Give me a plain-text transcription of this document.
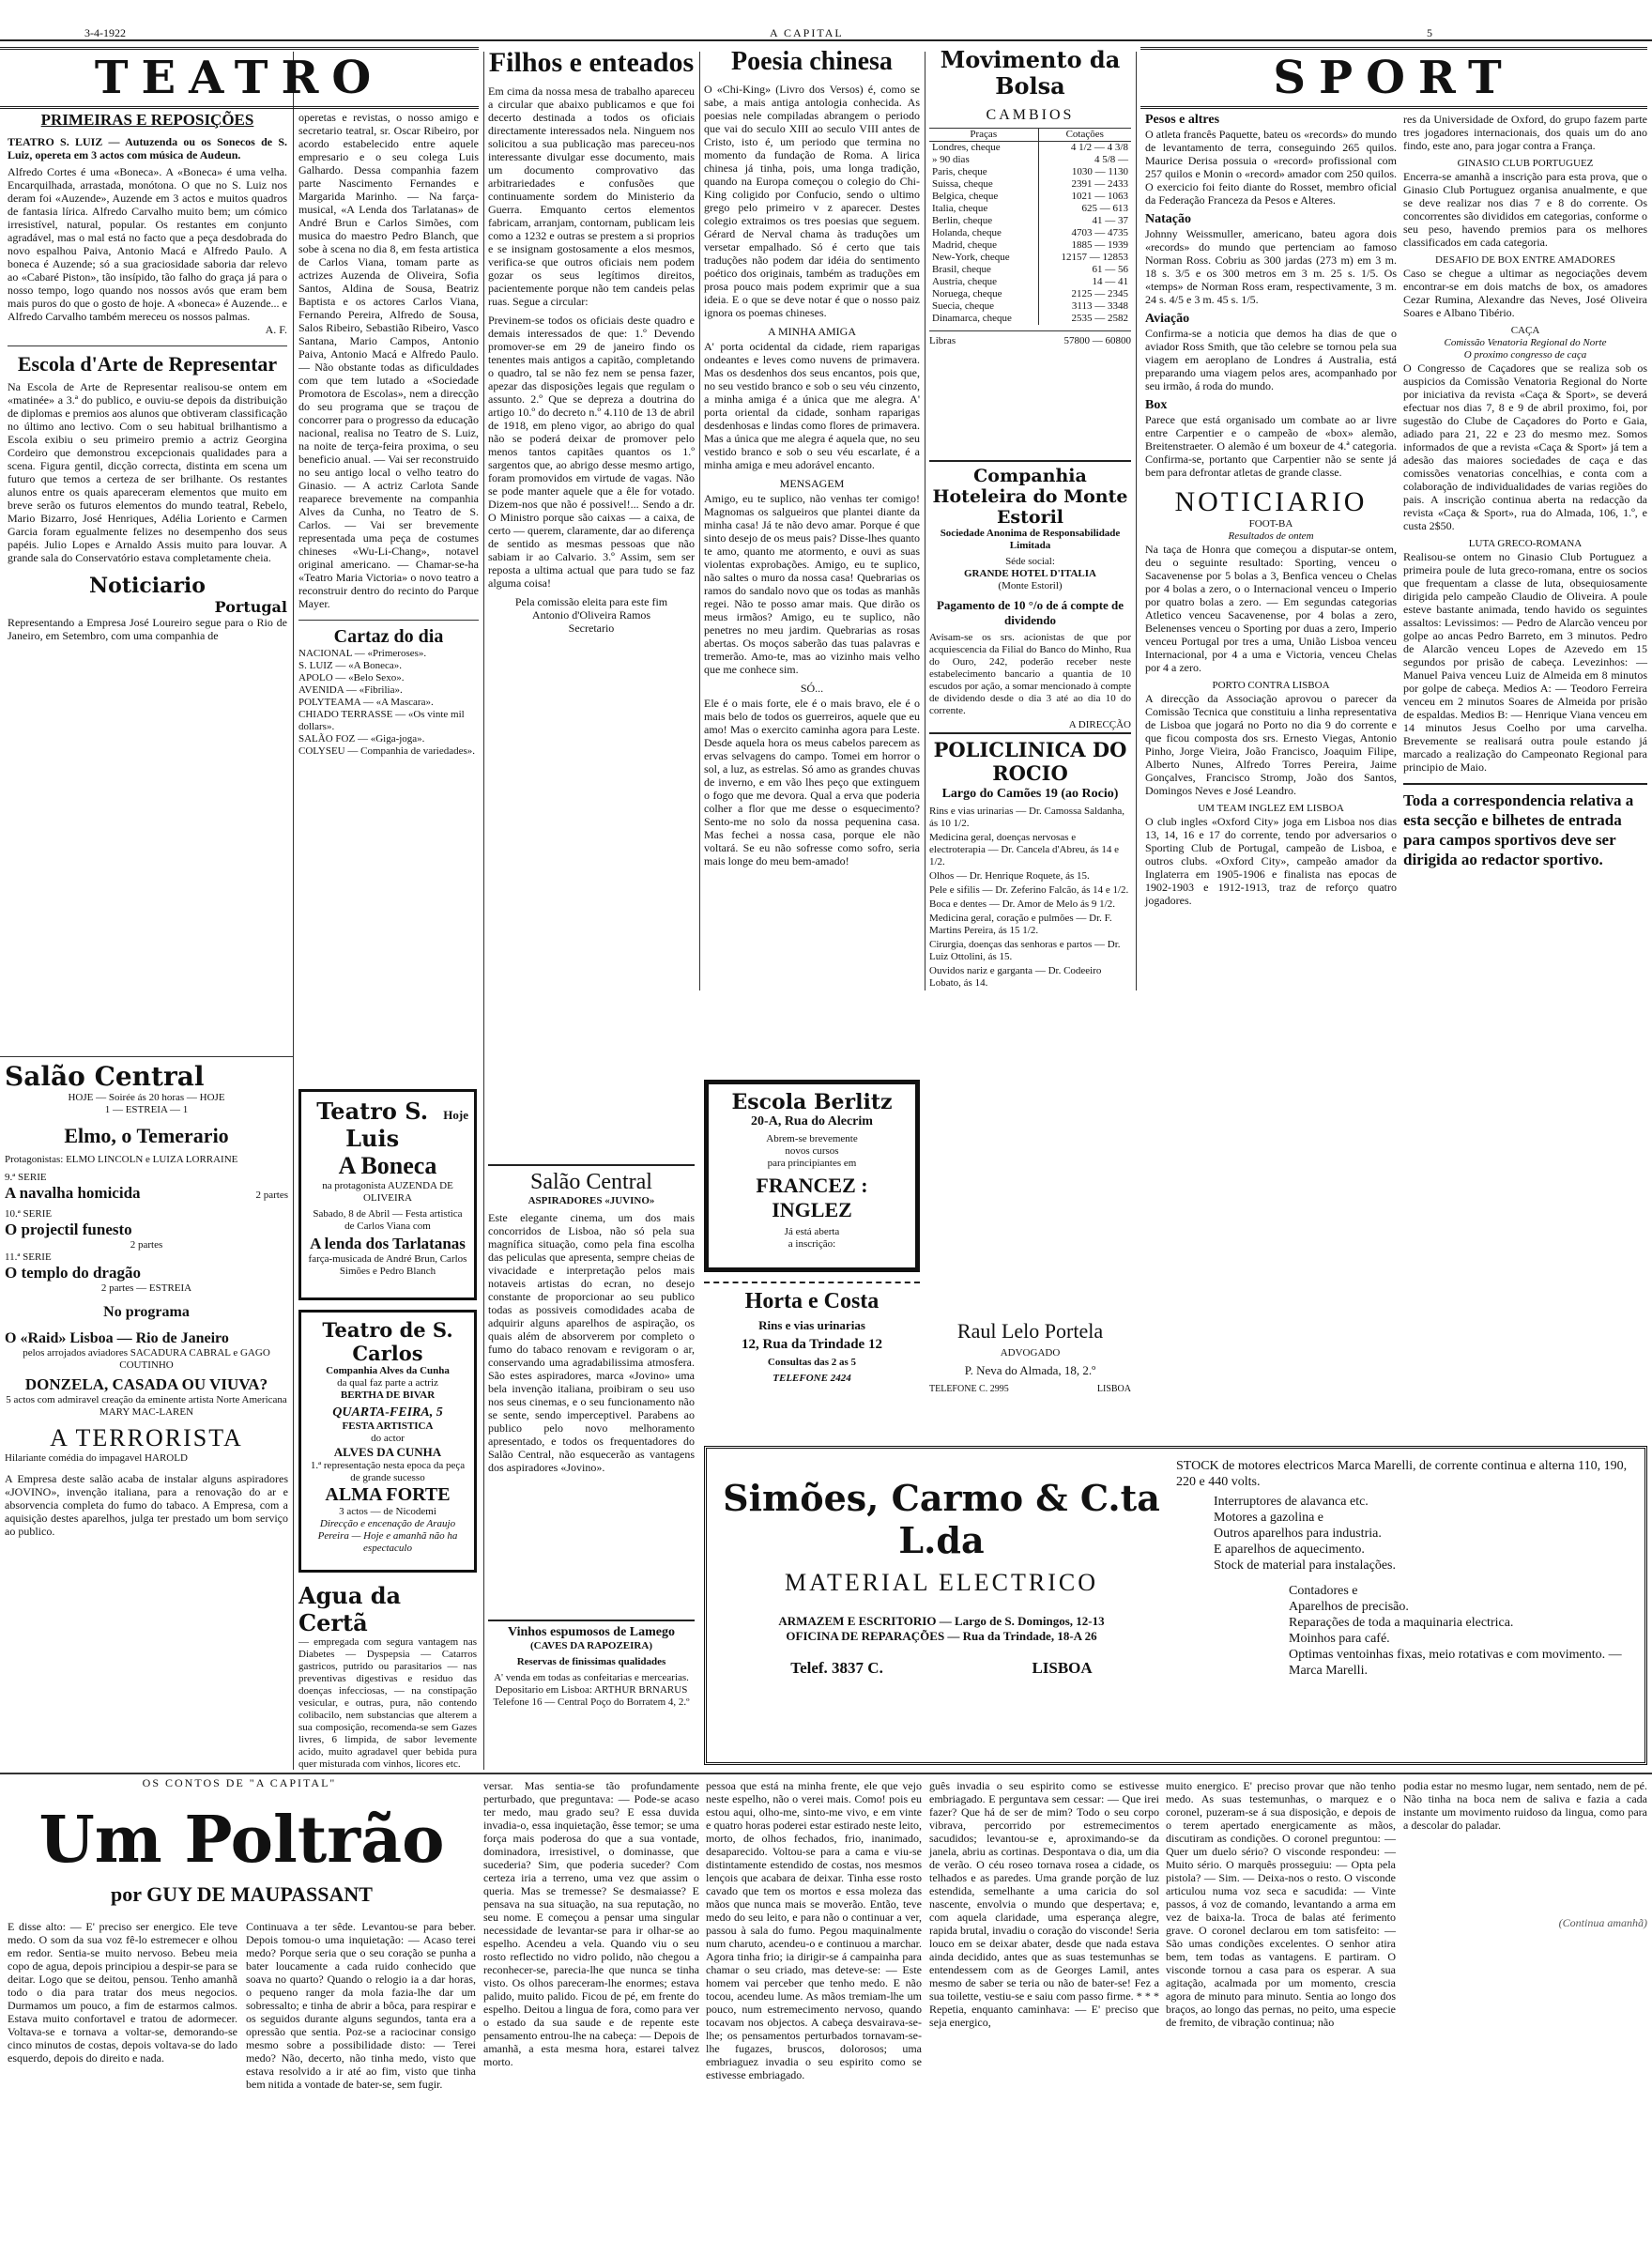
3-4-1922	A CAPITAL	5
TEATRO
PRIMEIRAS E REPOSIÇÕES
TEATRO S. LUIZ — Autuzenda ou os Sonecos de S. Luiz, opereta em 3 actos com música de Audeun.
Alfredo Cortes é uma «Boneca». A «Boneca» é uma velha. Encarquilhada, arrastada, monótona. O que no S. Luiz nos deram foi «Auzende», Auzende em 3 actos e muitos quadros de fantasia lírica. Alfredo Carvalho muito bem; um cómico irresistível, natural, popular. Os restantes em conjunto agradável, mas o mal está no facto que a peça desdobrada do novo espalhou Paiva, Antonio Macá e Alfredo Paulo. A boneca é Auzende; só a sua graciosidade saboria dar relevo ao «Cabaré Piston», tão insípido, tão falho do graça já para o nosso tempo, logo quando nos nossos avós que eram bem mais puros do que o gosto de hoje. A «boneca» é Auzende... e Alfredo Carvalho também mereceu os nossos palmas.
A. F.
Escola d'Arte de Representar
Na Escola de Arte de Representar realisou-se ontem em «matinée» a 3.ª do publico, e ouviu-se depois da distribuição de diplomas e premios aos alunos que obtiveram classificação no último ano lectivo. Com o seu habitual brilhantismo a Escola exibiu o seu primeiro premio a actriz Georgina Cordeiro que demonstrou excepcionais qualidades para a scena. Figura gentil, dicção correcta, distinta em scena um futuro que temos a certeza de ser brilhante. Os restantes alunos entre os quais apareceram elementos que muito em breve serão os futuros elementos do mundo teatral, Rebelo, Mario Bizarro, José Henriques, Adélia Loriento e Carmen Garcia foram egualmente felizes no desempenho dos seus papéis. Julio Lopes e Arnaldo Assis muito para louvar. A grande sala do Conservatório estava completamente cheia.
Noticiario
Portugal
Representando a Empresa José Loureiro segue para o Rio de Janeiro, em Setembro, com uma companhia de
operetas e revistas, o nosso amigo e secretario teatral, sr. Oscar Ribeiro, por acordo estabelecido entre aquele empresario e o seu colega Luis Galhardo. Dessa companhia fazem parte Nascimento Fernandes e Margarida Marinho. — Na farça-musical, «A Lenda dos Tarlatanas» de André Brun e Carlos Simões, com musica do maestro Pedro Blanch, que sobe à scena no dia 8, em festa artistica de Carlos Viana, tomam parte as actrizes Auzenda de Oliveira, Sofia Santos, Aldina de Sousa, Beatriz Baptista e os actores Carlos Viana, Fernando Pereira, Alfredo de Sousa, Salos Ribeiro, Sebastião Ribeiro, Vasco Santana, Mario Campos, Antonio Paiva, Antonio Macá e Alfredo Paulo. — Não obstante todas as dificuldades com que tem lutado a «Sociedade Promotora de Escolas», nem a direcção do seu programa que se traçou de concorrer para o progresso da educação nacional, realisa no Teatro de S. Luiz, na noite de terça-feira proxima, o seu beneficio anual. — Vai ser reconstruido no seu antigo local o velho teatro do Ginasio. — A actriz Carlota Sande reaparece brevemente na companhia Alves da Cunha, no Teatro de S. Carlos. — Vai ser brevemente representada uma peça de costumes chineses «Wu-Li-Chang», notavel original americano. — Chamar-se-ha «Teatro Maria Victoria» o novo teatro a reconstruir dentro do recinto do Parque Mayer.
Cartaz do dia
NACIONAL — «Primeroses».
S. LUIZ — «A Boneca».
APOLO — «Belo Sexo».
AVENIDA — «Fibrilia».
POLYTEAMA — «A Mascara».
CHIADO TERRASSE — «Os vinte mil dollars».
SALÃO FOZ — «Giga-joga».
COLYSEU — Companhia de variedades».
Filhos e enteados
Em cima da nossa mesa de trabalho apareceu a circular que abaixo publicamos e que foi decerto destinada a todos os oficiais directamente interessados nela. Ninguem nos solicitou a sua publicação mas pareceu-nos interessante divulgar esse documento, mais um documento comprovativo das arbitrariedades e confusões que continuamente sordem do Ministerio da Guerra. Emquanto certos elementos fabricam, arranjam, contornam, publicam leis como a 1232 e outras se prestem a si proprios e se insignam gostosamente a elos mesmos, verifica-se que outros oficiais nem podem gozar os seus legítimos direitos, pacientemente porque não tem candeis pelas ruas. Segue a circular:
Previnem-se todos os oficiais deste quadro e demais interessados de que: 1.º Devendo promover-se em 29 de janeiro findo os tenentes mais antigos a capitão, completando o quadro, tal se não fez nem se pensa fazer, apezar das disposições legais que regulam o assunto. 2.º Que se depreza a doutrina do artigo 10.º do decreto n.º 4.110 de 13 de abril de 1918, em pleno vigor, ao abrigo do qual não se poderá deixar de promover pelo menos tantos capitães quantos os 1.º sargentos que, ao abrigo desse mesmo artigo, foram promovidos em virtude de vagas. Não se pode manter aquele que a êle for votado. Dizem-nos que não é possivel!... Sendo a dr. O Ministro porque são caixas — a caixa, de certo — querem, claramente, dar ao diferença de sentido as mesmas pessoas que não sabiam ir ao Calvario. 3.º Assim, sem ser reposta a ultima actual que para tudo se faz alguma coisa!
Pela comissão eleita para este fim
Antonio d'Oliveira Ramos
Secretario
Poesia chinesa
O «Chi-King» (Livro dos Versos) é, como se sabe, a mais antiga antologia conhecida. As poesias nele compiladas abrangem o periodo que vai do seculo XIII ao seculo VIII antes de Cristo, isto é, um periodo que termina no momento da fundação de Roma. A lirica chinesa já tinha, pois, uma longa tradição, quando na Europa começou o colegio do Chi-King coligido por Confucio, sendo o ultimo grego pelo primeiro v z aparecer. Destes colegio extraimos os tres poesias que seguem. Gérard de Nerval chama às traduções um versetar empalhado. Só é certo que tais traduções não podem dar idéia do sentimento poético dos originais, também as traduções em prosa pouco mais podem exprimir que a sua ideia. E o que se deve notar é que o nosso paiz ignora os poemas chineses.
A MINHA AMIGA
A' porta ocidental da cidade, riem raparigas ondeantes e leves como nuvens de primavera. Mas os desdenhos dos seus encantos, pois que, no seu vestido branco e sob o seu véu cinzento, a minha amiga é a única que me alegra. A' porta oriental da cidade, sonham raparigas desdenhosas e lindas como flores de primavera. Mas a única que me alegra é aquela que, no seu vestido branco e sob o seu véu escarlate, é a minha amiga e meu adorável encanto.
MENSAGEM
Amigo, eu te suplico, não venhas ter comigo! Magnomas os salgueiros que plantei diante da minha casa! Já te não devo amar. Porque é que sinto desejo de os meus pais? Disse-lhes quanto te amo, quanto me atormento, e ouvi as suas violentas exprobações. Amigo, eu te suplico, não saltes o muro da nossa casa! Quebrarias os ramos do sandalo novo que os todas as manhãs regei. Não te posso amar mais. Que dirão os meus irmãos? Amigo, eu te suplico, não penetres no meu jardim. Quebrarias as rosas abertas. Os moços saberão das tuas palavras e tremerão. Amo-te, mas ao vizinho mais velho que me conhece sim.
SÓ...
Ele é o mais forte, ele é o mais bravo, ele é o mais belo de todos os guerreiros, aquele que eu amo! Mas o exercito caminha agora para Leste. Desde aquela hora os meus cabelos parecem as ervas selvagens do campo. Tomei em horror o sol, a luz, as estrelas. Só amo as grandes chuvas de inverno, e em vão lhes peço que extinguem o fogo que me devora. Qual a erva que poderia colher a flor que me desse o esquecimento? Sento-me no solo da nossa pequenina casa. Mas fechei a nossa casa, porque ele não voltará. Se eu não sofresse como sofro, seria mais longe do meu bem-amado!
Movimento da Bolsa
CAMBIOS
Praças	Cotações
Londres, cheque	4 1/2 — 4 3/8
» 90 dias	4 5/8 —
Paris, cheque	1030 — 1130
Suissa, cheque	2391 — 2433
Belgica, cheque	1021 — 1063
Italia, cheque	625 — 613
Berlin, cheque	41 — 37
Holanda, cheque	4703 — 4735
Madrid, cheque	1885 — 1939
New-York, cheque	12157 — 12853
Brasil, cheque	61 — 56
Austria, cheque	14 — 41
Noruega, cheque	2125 — 2345
Suecia, cheque	3113 — 3348
Dinamarca, cheque	2535 — 2582
Libras	57800 — 60800
Companhia Hoteleira do Monte Estoril
Sociedade Anonima de Responsabilidade Limitada
Séde social:
GRANDE HOTEL D'ITALIA
(Monte Estoril)
Pagamento de 10 °/o de á compte de dividendo
Avisam-se os srs. acionistas de que por acquiescencia da Filial do Banco do Minho, Rua do Ouro, 242, poderão receber neste estabelecimento bancario a quantia de 10 escudos por ação, a somar mencionado à compte de dividendo desde o dia 3 até ao dia 10 do corrente.
A DIRECÇÃO
POLICLINICA DO ROCIO
Largo do Camões 19 (ao Rocio)
Rins e vias urinarias — Dr. Camossa Saldanha, ás 10 1/2.
Medicina geral, doenças nervosas e electroterapia — Dr. Cancela d'Abreu, ás 14 e 1/2.
Olhos — Dr. Henrique Roquete, ás 15.
Pele e sifilis — Dr. Zeferino Falcão, ás 14 e 1/2.
Boca e dentes — Dr. Amor de Melo ás 9 1/2.
Medicina geral, coração e pulmões — Dr. F. Martins Pereira, ás 15 1/2.
Cirurgia, doenças das senhoras e partos — Dr. Luiz Ottolini, ás 15.
Ouvidos nariz e garganta — Dr. Codeeiro Lobato, ás 14.
SPORT
Pesos e altres
O atleta francês Paquette, bateu os «records» do mundo de levantamento de terra, conseguindo 265 quilos. Maurice Derisa possuia o «record» profissional com 257 quilos e Monin o «record» amador com 250 quilos. O exercicio foi feito diante do Rosset, membro oficial da Federação Franceza da Pesos e Alteres.
Natação
Johnny Weissmuller, americano, bateu agora dois «records» do mundo que pertenciam ao famoso Norman Ross. Cobriu as 300 jardas (273 m) em 3 m. 18 s. 3/5 e os 300 metros em 3 m. 25 s. 1/5. Os «temps» de Norman Ross eram, respectivamente, 3 m. 24 s. 4/5 e 3 m. 45 s. 1/5.
Aviação
Confirma-se a noticia que demos ha dias de que o aviador Ross Smith, que tão celebre se tornou pela sua viagem em aeroplano de Londres á Australia, está preparando uma viagem pelos ares, acompanhado por seu irmão, á roda do mundo.
Box
Parece que está organisado um combate ao ar livre entre Carpentier e o campeão de «box» alemão, Breitenstraeter. O alemão é um boxeur de 4.ª categoria. Confirma-se, portanto que Carpentier não se sente já bem para defrontar atletas de grande classe.
NOTICIARIO
FOOT-BA
Resultados de ontem
Na taça de Honra que começou a disputar-se ontem, deu o seguinte resultado: Sporting, venceu o Sacavenense por 5 bolas a 3, Benfica venceu o Chelas por 4 bolas a zero, o o Internacional venceu o Imperio por quatro bolas a zero. — Em segundas categorias Atletico venceu Sacavenense, por 4 bolas a zero, Belenenses venceu o Sporting por duas a zero, Imperio venceu Portugal por tres a uma, União Lisboa venceu Internacional, por 4 a uma e Victoria, venceu Chelas por 4 a zero.
PORTO CONTRA LISBOA
A direcção da Associação aprovou o parecer da Comissão Tecnica que constituiu a linha representativa de Lisboa que jogará no Porto no dia 9 do corrente e que ficou composta dos srs. Ernesto Viegas, Antonio Pinho, Jorge Vieira, João Francisco, Joaquim Filipe, Alberto Nunes, Alfredo Torres Pereira, Jaime Gonçalves, Francisco Stromp, João dos Santos, Domingos Neves e José Leandro.
UM TEAM INGLEZ EM LISBOA
O club ingles «Oxford City» joga em Lisboa nos dias 13, 14, 16 e 17 do corrente, tendo por adversarios o Sporting Club de Portugal, campeão de Lisboa, e outros clubs. «Oxford City», campeão amador da Inglaterra em 1905-1906 e finalista nas epocas de 1902-1903 e 1912-1913, traz de reforço quatro jogadores.
res da Universidade de Oxford, do grupo fazem parte tres jogadores internacionais, dos quais um do ano findo, este ano, para jogar contra a França.
GINASIO CLUB PORTUGUEZ
Encerra-se amanhã a inscrição para esta prova, que o Ginasio Club Portuguez organisa anualmente, e que se deve realizar nos dias 7 e 8 do corrente. Os concorrentes são divididos em categorias, conforme o seu peso, havendo premios para os melhores classificados em cada categoria.
DESAFIO DE BOX ENTRE AMADORES
Caso se chegue a ultimar as negociações devem encontrar-se em dois matchs de box, os amadores Cezar Rumina, Alexandre das Neves, José Oliveira Soares e Albano Tibério.
CAÇA
Comissão Venatoria Regional do Norte
O proximo congresso de caça
O Congresso de Caçadores que se realiza sob os auspicios da Comissão Venatoria Regional do Norte por iniciativa da revista «Caça & Sport», se deverá efectuar nos dias 7, 8 e 9 de abril proximo, foi, por sugestão do Clube de Caçadores do Porto e Gaia, adiado para 21, 22 e 23 do mesmo mez. Somos informados de que a revista «Caça & Sport» já tem a adesão das maiores sociedades de caça e das comissões venatorias concelhias, e conta com a colaboração de individualidades de varias regiões do pais. A inscrição continua aberta na redacção da revista «Caça & Sport», rua do Almada, 106, 1.º, e custa 2$50.
LUTA GRECO-ROMANA
Realisou-se ontem no Ginasio Club Portuguez a primeira poule de luta greco-romana, entre os socios que frequentam a classe de luta, obsequiosamente dirigida pelo campeão Claudio de Oliveira. A poule esteve bastante animada, tendo havido os seguintes assaltos: Levissimos: — Pedro de Alarcão venceu por golpe ao ancas Pedro Barreto, em 3 minutos. Pedro de Alarcão venceu Lopes de Azevedo em 15 segundos por prisão de cabeça. Levezinhos: — Manuel Paiva venceu Luiz de Almeida em 8 minutos por golpe de cabeça. Medios A: — Teodoro Ferreira venceu em 2 minutos Soares de Almeida por prisão de espaldas. Medios B: — Henrique Viana venceu em 14 minutos Jesus Coelho por uma carvelha. Brevemente se realisará outra poule estando já marcado a realização do Campeonato Regional para principio de Maio.
Toda a correspondencia relativa a esta secção e bilhetes de entrada para campos sportivos deve ser dirigida ao redactor sportivo.
Salão Central
HOJE — Soirée ás 20 horas — HOJE
1 — ESTREIA — 1
Elmo, o Temerario
Protagonistas: ELMO LINCOLN e LUIZA LORRAINE
9.ª SERIE
A navalha homicida	2 partes
10.ª SERIE
O projectil funesto
2 partes
11.ª SERIE
O templo do dragão
2 partes — ESTREIA
No programa
O «Raid» Lisboa — Rio de Janeiro
pelos arrojados aviadores SACADURA CABRAL e GAGO COUTINHO
DONZELA, CASADA OU VIUVA?
5 actos com admiravel creação da eminente artista Norte Americana MARY MAC-LAREN
A TERRORISTA
Hilariante comédia do impagavel HAROLD
A Empresa deste salão acaba de instalar alguns aspiradores «JOVINO», invenção italiana, para a renovação do ar e absorvencia completa do fumo do tabaco. A Empresa, com a aquisição destes aparelhos, julga ter prestado um bom serviço ao publico.
Teatro S. Luis
Hoje
A Boneca
na protagonista AUZENDA DE OLIVEIRA
Sabado, 8 de Abril — Festa artistica de Carlos Viana com
A lenda dos Tarlatanas
farça-musicada de André Brun, Carlos Simões e Pedro Blanch
Teatro de S. Carlos
Companhia Alves da Cunha
da qual faz parte a actriz
BERTHA DE BIVAR
QUARTA-FEIRA, 5
FESTA ARTISTICA
do actor
ALVES DA CUNHA
1.ª representação nesta epoca da peça de grande sucesso
ALMA FORTE
3 actos — de Nicodemi
Direcção e encenação de Araujo Pereira — Hoje e amanhã não ha espectaculo
Agua da Certã
— empregada com segura vantagem nas Diabetes — Dyspepsia — Catarros gastricos, putrido ou parasitarios — nas preventivas digestivas e residuo das doenças infecciosas, — na constipação vesicular, e outras, pura, não contendo colibacilo, nem substancias que alterem a sua composição, recomenda-se sem Gazes livres, 6 limpida, de sabor levemente acido, muito agradavel quer bebida pura quer misturada com vinhos, licores etc.
Salão Central
ASPIRADORES «JUVINO»
Este elegante cinema, um dos mais concorridos de Lisboa, não só pela sua magnífica situação, como pela fina escolha das peliculas que apresenta, sempre cheias de vivacidade e interpretação pelos mais notaveis artistas do ecran, no desejo constante de proporcionar ao seu publico todas as possiveis comodidades acaba de adquirir alguns aparelhos de aspiração, os quais além de absorverem por completo o fumo do tabaco renovam e revigoram o ar, conservando uma agradabilissima atmosfera. São estes aspiradores, marca «Jovino» uma bela invenção italiana, proibiram o seu uso nos seus cinemas, e o seu funcionamento não se sente, sendo imperceptivel. Parabens ao publico pelo novo melhoramento apresentado, e todos os frequentadores do Salão Central, não esquecerão as vantagens dos aspiradores «Jovino».
Vinhos espumosos de Lamego
(CAVES DA RAPOZEIRA)
Reservas de finissimas qualidades
A' venda em todas as confeitarias e mercearias. Depositario em Lisboa: ARTHUR BRNARUS Telefone 16 — Central Poço do Borratem 4, 2.º
Escola Berlitz
20-A, Rua do Alecrim
Abrem-se brevemente
novos cursos
para principiantes em
FRANCEZ : INGLEZ
Já está aberta
a inscrição:
Horta e Costa
Rins e vias urinarias
12, Rua da Trindade 12
Consultas das 2 as 5
TELEFONE 2424
Raul Lelo Portela
ADVOGADO
P. Neva do Almada, 18, 2.º
TELEFONE C. 2995	LISBOA
Simões, Carmo & C.ta L.da
MATERIAL ELECTRICO
ARMAZEM E ESCRITORIO — Largo de S. Domingos, 12-13
OFICINA DE REPARAÇÕES — Rua da Trindade, 18-A 26
Telef. 3837 C.	LISBOA
STOCK de motores electricos Marca Marelli, de corrente continua e alterna 110, 190, 220 e 440 volts.
Interruptores de alavanca etc.
Motores a gazolina e
Outros aparelhos para industria.
E aparelhos de aquecimento.
Stock de material para instalações.
Contadores e
Aparelhos de precisão.
Reparações de toda a maquinaria electrica.
Moinhos para café.
Optimas ventoinhas fixas, meio rotativas e com movimento. — Marca Marelli.
OS CONTOS DE "A CAPITAL"
Um Poltrão
por GUY DE MAUPASSANT
E disse alto: — E' preciso ser energico. Ele teve medo. O som da sua voz fê-lo estremecer e olhou em redor. Sentia-se muito nervoso. Bebeu meia copo de agua, depois principiou a despir-se para se deitar. Logo que se deitou, pensou. Tenho amanhã todo o dia para tratar dos meus negocios. Durmamos um pouco, a fim de estarmos calmos. Estava muito confortavel e tratou de adormecer. Voltava-se e tornava a voltar-se, demorando-se cinco minutos de costas, depois voltava-se do lado esquerdo, depois do direito e nada.
Continuava a ter sêde. Levantou-se para beber. Depois tomou-o uma inquietação: — Acaso terei medo? Porque seria que o seu coração se punha a bater loucamente a cada ruido conhecido que soava no quarto? Quando o relogio ia a dar horas, o pequeno ranger da mola fazia-lhe dar um sobressalto; e tinha de abrir a bôca, para respirar e os seguidos durante alguns segundos, tanta era a opressão que sentia. Poz-se a raciocinar consigo mesmo sobre a possibilidade disto: — Terei medo? Não, decerto, não tinha medo, visto que estava resolvido a ir até ao fim, visto que tinha bem nitida a vontade de bater-se, sem fugir.
versar. Mas sentia-se tão profundamente perturbado, que preguntava: — Pode-se acaso ter medo, mau grado seu? E essa duvida invadia-o, essa inquietação, êsse temor; se uma força mais poderosa do que a sua vontade, dominadora, irresistivel, o dominasse, que sucederia? Sim, que poderia suceder? Com certeza iria a terreno, uma vez que assim o queria. Mas se tremesse? Se desmaiasse? E pensava na sua situação, na sua reputação, no seu nome. E começou a pensar uma singular necessidade de levantar-se para ir olhar-se ao espelho. Acendeu a vela. Quando viu o seu rosto reflectido no vidro polido, não chegou a reconhecer-se, parecia-lhe que nunca se tinha visto. Os olhos pareceram-lhe enormes; estava palido, muito palido. Ficou de pé, em frente do espelho. Deitou a lingua de fora, como para ver o estado da sua saude e de repente este pensamento entrou-lhe na cabeça: — Depois de amanhã, a esta mesma hora, estarei talvez morto.
pessoa que está na minha frente, ele que vejo neste espelho, não o verei mais. Como! pois eu estou aqui, olho-me, sinto-me vivo, e em vinte e quatro horas poderei estar estirado neste leito, morto, de olhos fechados, frio, inanimado, desaparecido. Voltou-se para a cama e viu-se distintamente estendido de costas, nos mesmos lençois que acabara de deixar. Tinha esse rosto cavado que tem os mortos e essa moleza das mãos que nunca mais se moverão. Então, teve medo do seu leito, e para não o continuar a ver, passou à sala do fumo. Pegou maquinalmente num charuto, acendeu-o e continuou a marchar. Agora tinha frio; ia dirigir-se á campainha para chamar o seu criado, mas deteve-se: — Este homem vai perceber que tenho medo. E não tocou, acendeu lume. As mãos tremiam-lhe um pouco, num estremecimento nervoso, quando tocavam nos objectos. A cabeça desvairava-se-lhe; os pensamentos perturbados tornavam-se-lhe fugazes, bruscos, dolorosos; uma embriaguez invadia o seu espirito como se estivesse embriagado.
guês invadia o seu espirito como se estivesse embriagado. E perguntava sem cessar: — Que irei fazer? Que há de ser de mim? Todo o seu corpo vibrava, percorrido por estremecimentos sacudidos; levantou-se e, aproximando-se da janela, abriu as cortinas. Despontava o dia, um dia de verão. O céu roseo tornava rosea a cidade, os telhados e as paredes. Uma grande porção de luz estendida, semelhante a uma caricia do sol nascente, envolvia o mundo que despertava; e, com aquela claridade, uma esperança alegre, rapida brutal, invadiu o coração do visconde! Seria louco em se deixar abater, desde que nada estava ainda decidido, antes que as suas testemunhas se entendessem com as de Georges Lamil, antes mesmo de saber se teria ou não de bater-se! Fez a sua toilette, vestiu-se e saiu com passo firme. * * * Repetia, enquanto caminhava: — E' preciso que seja energico,
muito energico. E' preciso provar que não tenho medo. As suas testemunhas, o marquez e o coronel, puzeram-se á sua disposição, e depois de o terem apertado energicamente as mãos, discutiram as condições. O coronel preguntou: — Quer um duelo sério? O visconde respondeu: — Muito sério. O marquês prosseguiu: — Opta pela pistola? — Sim. — Deixa-nos o resto. O visconde articulou numa voz seca e sacudida: — Vinte passos, á voz de comando, levantando a arma em vez de baixa-la. Troca de balas até ferimento grave. O coronel declarou em tom satisfeito: — São umas condições excelentes. O senhor atira bem, tem todas as vantagens. E partiram. O visconde tornou a casa para os esperar. A sua agitação, acalmada por um momento, crescia agora de minuto para minuto. Sentia ao longo dos braços, ao longo das pernas, no peito, uma especie de fremito, de vibração continua; não
podia estar no mesmo lugar, nem sentado, nem de pé. Não tinha na boca nem de saliva e fazia a cada instante um movimento ruidoso da lingua, como para a descolar do paladar.
(Continua amanhã)
